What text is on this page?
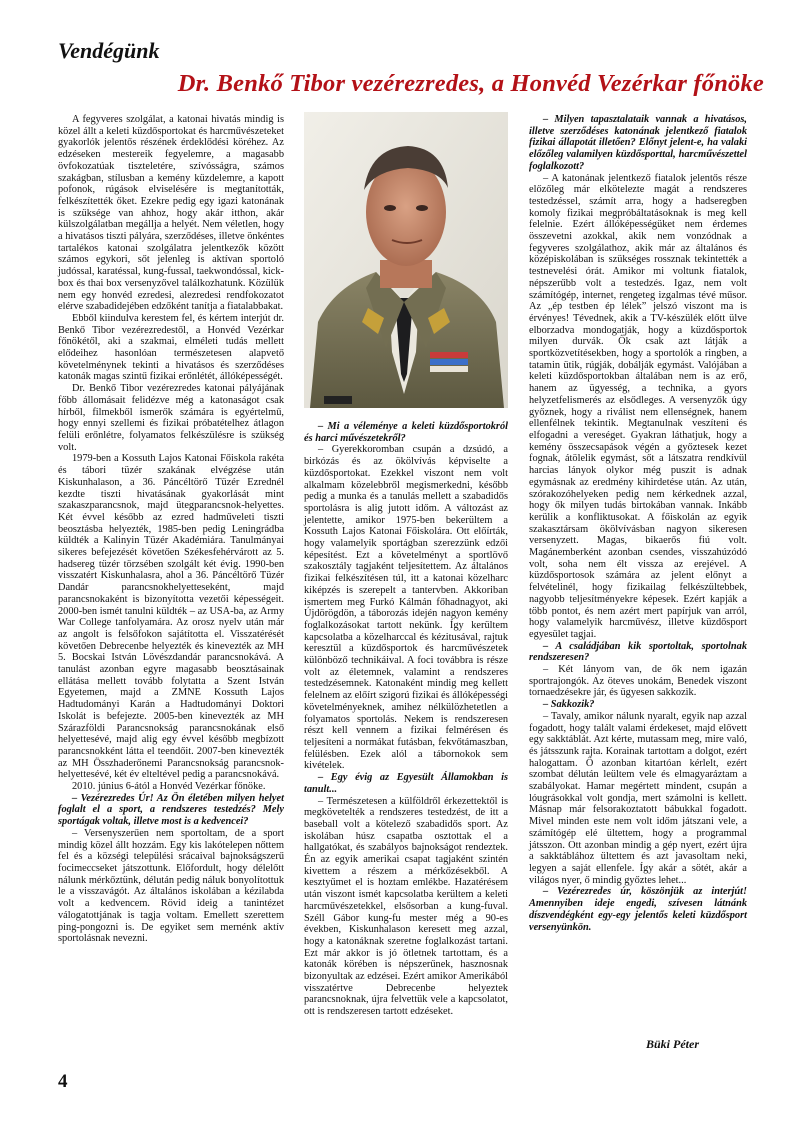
Vendégünk
Dr. Benkő Tibor vezérezredes, a Honvéd Vezérkar főnöke

A fegyveres szolgálat, a katonai hivatás mindig is közel állt a keleti küzdősportokat és harcművészeteket gyakorlók jelentős részének érdeklődési köréhez. Az edzéseken mestereik fegyelemre, a magasabb övfokozatúak tiszteletére, szívósságra, számos szakágban, stílusban a kemény küzdelemre, a kapott pofonok, rúgások elviselésére is megtanították, felkészítették őket. Ezekre pedig egy igazi katonának is szüksége van ahhoz, hogy akár itthon, akár külszolgálatban megállja a helyét. Nem véletlen, hogy a hivatásos tiszti pályára, szerződéses, illetve önkéntes tartalékos katonai szolgálatra jelentkezők között számos egykori, sőt jelenleg is aktívan sportoló judóssal, karatéssal, kung-fussal, taekwondóssal, kick-box és thai box versenyzővel találkozhatunk. Közülük nem egy honvéd ezredesi, alezredesi rendfokozatot elérve szabadidejében edzőként tanítja a fiatalabbakat.

Ebből kiindulva kerestem fel, és kértem interjút dr. Benkő Tibor vezérezredestől, a Honvéd Vezérkar főnökétől, aki a szakmai, elméleti tudás mellett elődeihez hasonlóan természetesen alapvető követelménynek tekinti a hivatásos és szerződéses katonák magas szintű fizikai erőnlétét, állóképességét.

Dr. Benkő Tibor vezérezredes katonai pályájának főbb állomásait felidézve még a katonaságot csak hírből, filmekből ismerők számára is egyértelmű, hogy ennyi szellemi és fizikai próbatételhez átlagon felüli erőnlétre, folyamatos felkészülésre is szükség volt.

1979-ben a Kossuth Lajos Katonai Főiskola rakéta és tábori tüzér szakának elvégzése után Kiskunhalason, a 36. Páncéltörő Tüzér Ezrednél kezdte tiszti hivatásának gyakorlását mint szakaszparancsnok, majd ütegparancsnok-helyettes. Két évvel később az ezred hadműveleti tiszti beosztásba helyezték, 1985-ben pedig Leningrádba küldték a Kalinyin Tüzér Akadémiára. Tanulmányai sikeres befejezését követően Székesfehérvárott az 5. hadsereg tüzér törzsében szolgált két évig. 1990-ben visszatért Kiskunhalasra, ahol a 36. Páncéltörő Tüzér Dandár parancsnokhelyetteseként, majd parancsnokaként is bizonyította vezetői képességeit. 2000-ben ismét tanulni küldték – az USA-ba, az Army War College tanfolyamára. Az orosz nyelv után már az angolt is felsőfokon sajátította el. Visszatérését követően Debrecenbe helyezték és kinevezték az MH 5. Bocskai István Lövészdandár parancsnokává. A tanulást azonban egyre magasabb beosztásainak ellátása mellett tovább folytatta a Szent István Egyetemen, majd a ZMNE Kossuth Lajos Hadtudományi Karán a Hadtudományi Doktori Iskolát is befejezte. 2005-ben kinevezték az MH Szárazföldi Parancsnokság parancsnokának első helyettesévé, majd alig egy évvel később megbízott parancsnokként látta el teendőit. 2007-ben kinevezték az MH Összhaderőnemi Parancsnokság parancsnok-helyettesévé, két év elteltével pedig a parancsnokává.

2010. június 6-ától a Honvéd Vezérkar főnöke.

– Vezérezredes Úr! Az Ön életében milyen helyet foglalt el a sport, a rendszeres testedzés? Mely sportágak voltak, illetve most is a kedvencei?

– Versenyszerűen nem sportoltam, de a sport mindig közel állt hozzám. Egy kis lakótelepen nőttem fel és a községi települési srácaival bajnokságszerű focimeccseket játszottunk. Előfordult, hogy délelőtt nálunk mérkőztünk, délután pedig náluk bonyolítottuk le a visszavágót. Az általános iskolában a kézilabda volt a kedvencem. Rövid ideig a tanintézet válogatottjának is tagja voltam. Emellett szerettem ping-pongozni is. De egyiket sem mernénk aktív sportolásnak nevezni.

– Mi a véleménye a keleti küzdősportokról és harci művészetekről?

– Gyerekkoromban csupán a dzsúdó, a birkózás és az ökölvívás képviselte a küzdősportokat. Ezekkel viszont nem volt alkalmam közelebbről megismerkedni, később pedig a munka és a tanulás mellett a szabadidős sportolásra is alig jutott időm. A változást az jelentette, amikor 1975-ben bekerültem a Kossuth Lajos Katonai Főiskolára. Ott előírták, hogy valamelyik sportágban szerezzünk edzői képesítést. Ezt a követelményt a sportlövő szakosztály tagjaként teljesítettem. Az általános fizikai felkészítésen túl, itt a katonai közelharc kiképzés is szerepelt a tantervben. Akkoriban ismertem meg Furkó Kálmán főhadnagyot, aki Újdörögdön, a táborozás idején nagyon kemény foglalkozásokat tartott nekünk. Így kerültem kapcsolatba a közelharccal és kézitusával, rajtuk keresztül a küzdősportok és harcművészetek különböző technikáival. A foci továbbra is része volt az életemnek, valamint a rendszeres testedzésemnek. Katonaként mindig meg kellett felelnem az előírt szigorú fizikai és állóképességi követelményeknek, amihez nélkülözhetetlen a folyamatos sportolás. Nekem is rendszeresen részt kell vennem a fizikai felmérésen és teljesíteni a normákat futásban, fekvőtámaszban, felülésben. Ezek alól a tábornokok sem kivételek.

– Egy évig az Egyesült Államokban is tanult...

– Természetesen a külföldről érkezettektől is megkövetelték a rendszeres testedzést, de itt a baseball volt a kötelező szabadidős sport. Az iskolában húsz csapatba osztottak el a hallgatókat, és szabályos bajnokságot rendeztek. Én az egyik amerikai csapat tagjaként szintén kivettem a részem a mérkőzésekből. A kesztyűmet el is hoztam emlékbe. Hazatérésem után viszont ismét kapcsolatba kerültem a keleti harcművészetekkel, elsősorban a kung-fuval. Széll Gábor kung-fu mester még a 90-es években, Kiskunhalason keresett meg azzal, hogy a katonáknak szeretne foglalkozást tartani. Ezt már akkor is jó ötletnek tartottam, és a katonák körében is népszerűnek, hasznosnak bizonyultak az edzései. Ezért amikor Amerikából visszatértve Debrecenbe helyeztek parancsnoknak, újra felvettük vele a kapcsolatot, ott is rendszeresen tartott edzéseket.

– Milyen tapasztalataik vannak a hivatásos, illetve szerződéses katonának jelentkező fiatalok fizikai állapotát illetően? Előnyt jelent-e, ha valaki előzőleg valamilyen küzdősporttal, harcművészettel foglalkozott?

– A katonának jelentkező fiatalok jelentős része előzőleg már elkötelezte magát a rendszeres testedzéssel, számít arra, hogy a hadseregben komoly fizikai megpróbáltatásoknak is meg kell felelnie. Ezért állóképességüket nem érdemes összevetni azokkal, akik nem vonzódnak a fegyveres szolgálathoz, akik már az általános és középiskolában is szükséges rossznak tekintették a testnevelési órát. Amikor mi voltunk fiatalok, népszerűbb volt a testedzés. Igaz, nem volt számítógép, internet, rengeteg izgalmas tévé műsor. Az „ép testben ép lélek” jelszó viszont ma is érvényes! Tévednek, akik a TV-készülék előtt ülve elborzadva mondogatják, hogy a küzdősportok milyen durvák. Ők csak azt látják a sportközvetítésekben, hogy a sportolók a ringben, a tatamin ütik, rúgják, dobálják egymást. Valójában a keleti küzdősportokban általában nem is az erő, hanem az ügyesség, a technika, a gyors helyzetfelismerés az elsődleges. A versenyzők úgy győznek, hogy a riválist nem ellenségnek, hanem ellenfélnek tekintik. Megtanulnak veszíteni és elfogadni a vereséget. Gyakran láthatjuk, hogy a kemény összecsapások végén a győztesek kezet fognak, átölelik egymást, sőt a látszatra rendkívül harcias lányok olykor még puszit is adnak egymásnak az eredmény kihirdetése után. Az után, szórakozóhelyeken pedig nem kérkednek azzal, hogy ők milyen tudás birtokában vannak. Inkább kerülik a konfliktusokat. A főiskolán az egyik szakasztársam ökölvívásban nagyon sikeresen versenyzett. Magas, bikaerős fiú volt. Magánemberként azonban csendes, visszahúzódó volt, soha nem élt vissza az erejével. A küzdősportosok számára az jelent előnyt a felvételinél, hogy fizikailag felkészültebbek, nagyobb teljesítményekre képesek. Ezért kapják a több pontot, és nem azért mert papírjuk van arról, hogy valamelyik harcművész, illetve küzdősport egyesület tagjai.

– A családjában kik sportoltak, sportolnak rendszeresen?

– Két lányom van, de ők nem igazán sportrajongók. Az öteves unokám, Benedek viszont tornaedzésekre jár, és ügyesen sakkozik.

– Sakkozik?

– Tavaly, amikor nálunk nyaralt, egyik nap azzal fogadott, hogy talált valami érdekeset, majd elővett egy sakktáblát. Azt kérte, mutassam meg, mire való, és játsszunk rajta. Korainak tartottam a dolgot, ezért halogattam. Ő azonban kitartóan kérlelt, ezért szombat délután leültem vele és elmagyaráztam a szabályokat. Hamar megértett mindent, csupán a lóugrásokkal volt gondja, mert számolni is kellett. Másnap már felsorakoztatott bábukkal fogadott. Mivel minden este nem volt időm játszani vele, a számítógép elé ültettem, hogy a programmal játsszon. Ott azonban mindig a gép nyert, ezért újra a sakktáblához ültettem és azt javasoltam neki, legyen a saját ellenfele. Így akár a sötét, akár a világos nyer, ő mindig győztes lehet...

– Vezérezredes úr, köszönjük az interjút! Amennyiben ideje engedi, szívesen látnánk díszvendégként egy-egy jelentős keleti küzdősport versenyünkön.

Büki Péter
4
